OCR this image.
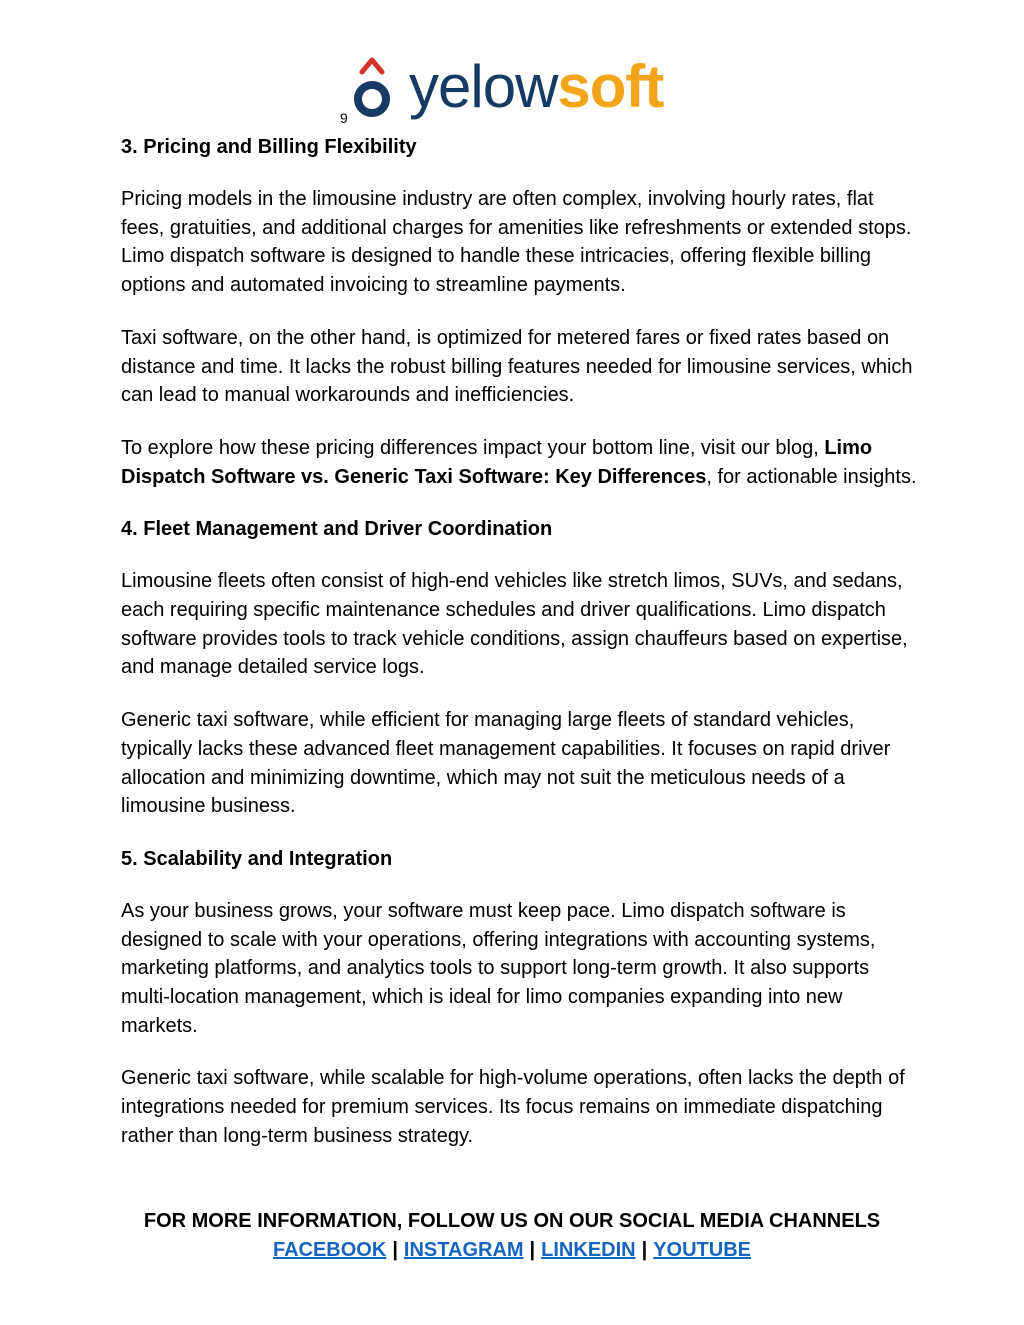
yelowsoft
9
3. Pricing and Billing Flexibility

Pricing models in the limousine industry are often complex, involving hourly rates, flat fees, gratuities, and additional charges for amenities like refreshments or extended stops. Limo dispatch software is designed to handle these intricacies, offering flexible billing options and automated invoicing to streamline payments.

Taxi software, on the other hand, is optimized for metered fares or fixed rates based on distance and time. It lacks the robust billing features needed for limousine services, which can lead to manual workarounds and inefficiencies.

To explore how these pricing differences impact your bottom line, visit our blog, Limo Dispatch Software vs. Generic Taxi Software: Key Differences, for actionable insights.

4. Fleet Management and Driver Coordination

Limousine fleets often consist of high-end vehicles like stretch limos, SUVs, and sedans, each requiring specific maintenance schedules and driver qualifications. Limo dispatch software provides tools to track vehicle conditions, assign chauffeurs based on expertise, and manage detailed service logs.

Generic taxi software, while efficient for managing large fleets of standard vehicles, typically lacks these advanced fleet management capabilities. It focuses on rapid driver allocation and minimizing downtime, which may not suit the meticulous needs of a limousine business.

5. Scalability and Integration

As your business grows, your software must keep pace. Limo dispatch software is designed to scale with your operations, offering integrations with accounting systems, marketing platforms, and analytics tools to support long-term growth. It also supports multi-location management, which is ideal for limo companies expanding into new markets.

Generic taxi software, while scalable for high-volume operations, often lacks the depth of integrations needed for premium services. Its focus remains on immediate dispatching rather than long-term business strategy.

FOR MORE INFORMATION, FOLLOW US ON OUR SOCIAL MEDIA CHANNELS
FACEBOOK | INSTAGRAM | LINKEDIN | YOUTUBE
